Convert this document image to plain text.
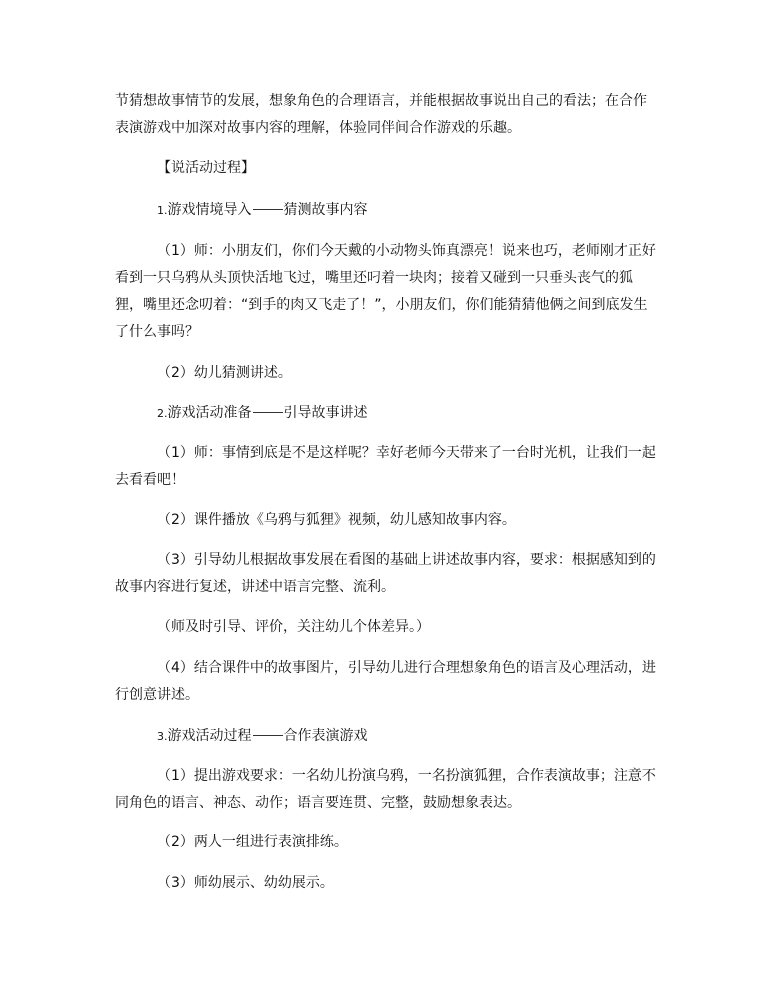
节猜想故事情节的发展，想象角色的合理语言，并能根据故事说出自己的看法；在合作表演游戏中加深对故事内容的理解，体验同伴间合作游戏的乐趣。

【说活动过程】

1.游戏情境导入 猜测故事内容

（1）师：小朋友们，你们今天戴的小动物头饰真漂亮！说来也巧，老师刚才正好看到一只乌鸦从头顶快活地飞过，嘴里还叼着一块肉；接着又碰到一只垂头丧气的狐狸，嘴里还念叨着：“到手的肉又飞走了！”，小朋友们，你们能猜猜他俩之间到底发生了什么事吗？

（2）幼儿猜测讲述。

2.游戏活动准备 引导故事讲述

（1）师：事情到底是不是这样呢？幸好老师今天带来了一台时光机，让我们一起去看看吧！

（2）课件播放《乌鸦与狐狸》视频，幼儿感知故事内容。

（3）引导幼儿根据故事发展在看图的基础上讲述故事内容，要求：根据感知到的故事内容进行复述，讲述中语言完整、流利。

（师及时引导、评价，关注幼儿个体差异。）

（4）结合课件中的故事图片，引导幼儿进行合理想象角色的语言及心理活动，进行创意讲述。

3.游戏活动过程 合作表演游戏

（1）提出游戏要求：一名幼儿扮演乌鸦，一名扮演狐狸，合作表演故事；注意不同角色的语言、神态、动作；语言要连贯、完整，鼓励想象表达。

（2）两人一组进行表演排练。

（3）师幼展示、幼幼展示。
